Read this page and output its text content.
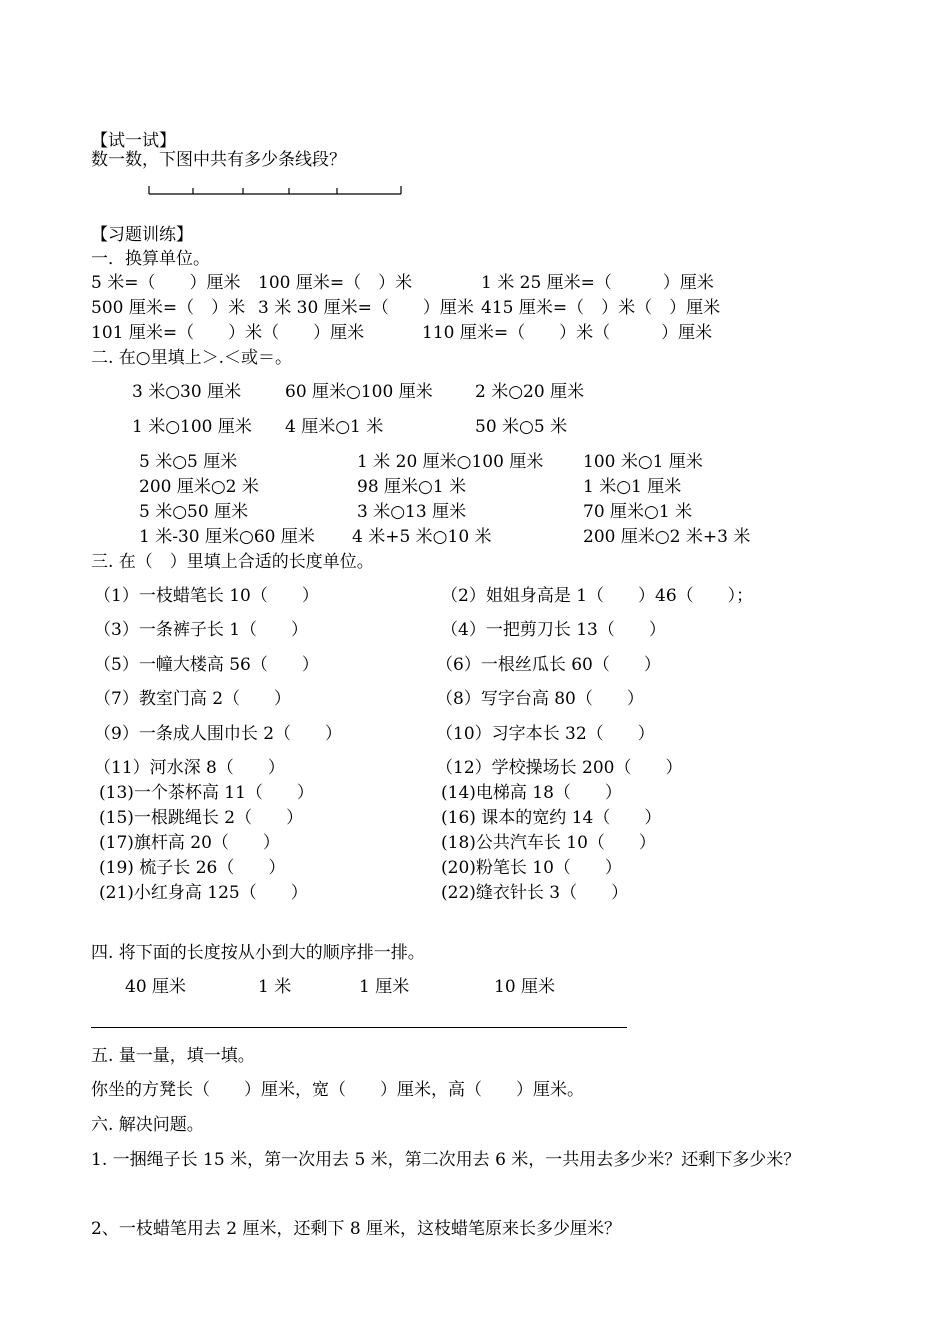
【试一试】
数一数，下图中共有多少条线段？
【习题训练】
一．换算单位。
5 米=（　　）厘米 100 厘米=（　）米	1 米 25 厘米=（　　　）厘米
500 厘米=（　）米 3 米 30 厘米=（　　）厘米 415 厘米=（　）米（　）厘米
101 厘米=（　　）米（　　）厘米	110 厘米=（　　）米（　　　）厘米
二. 在○里填上＞.＜或＝。
3 米○30 厘米	60 厘米○100 厘米 2 米○20 厘米
1 米○100 厘米 4 厘米○1 米	50 米○5 米
5 米○5 厘米	1 米 20 厘米○100 厘米 100 米○1 厘米
200 厘米○2 米	98 厘米○1 米	1 米○1 厘米
5 米○50 厘米	3 米○13 厘米	70 厘米○1 米
1 米-30 厘米○60 厘米 4 米+5 米○10 米	200 厘米○2 米+3 米
三. 在（　）里填上合适的长度单位。
（1）一枝蜡笔长 10（　　）	（2）姐姐身高是 1（　　）46（　　）；
（3）一条裤子长 1（　　）	（4）一把剪刀长 13（　　）
（5）一幢大楼高 56（　　）	（6）一根丝瓜长 60（　　）
（7）教室门高 2（　　）	（8）写字台高 80（　　）
（9）一条成人围巾长 2（　　）	（10）习字本长 32（　　）
（11）河水深 8（　　）	（12）学校操场长 200（　　）
(13)一个茶杯高 11（　　）	(14)电梯高 18（　　）
(15)一根跳绳长 2（　　）	(16) 课本的宽约 14（　　）
(17)旗杆高 20（　　）	(18)公共汽车长 10（　　）
(19) 梳子长 26（　　）	(20)粉笔长 10（　　）
(21)小红身高 125（　　）	(22)缝衣针长 3（　　）
四. 将下面的长度按从小到大的顺序排一排。
40 厘米	1 米	1 厘米	10 厘米
五. 量一量，填一填。
你坐的方凳长（　　）厘米，宽（　　）厘米，高（　　）厘米。
六. 解决问题。
1. 一捆绳子长 15 米，第一次用去 5 米，第二次用去 6 米，一共用去多少米？还剩下多少米？
2、一枝蜡笔用去 2 厘米，还剩下 8 厘米，这枝蜡笔原来长多少厘米？
